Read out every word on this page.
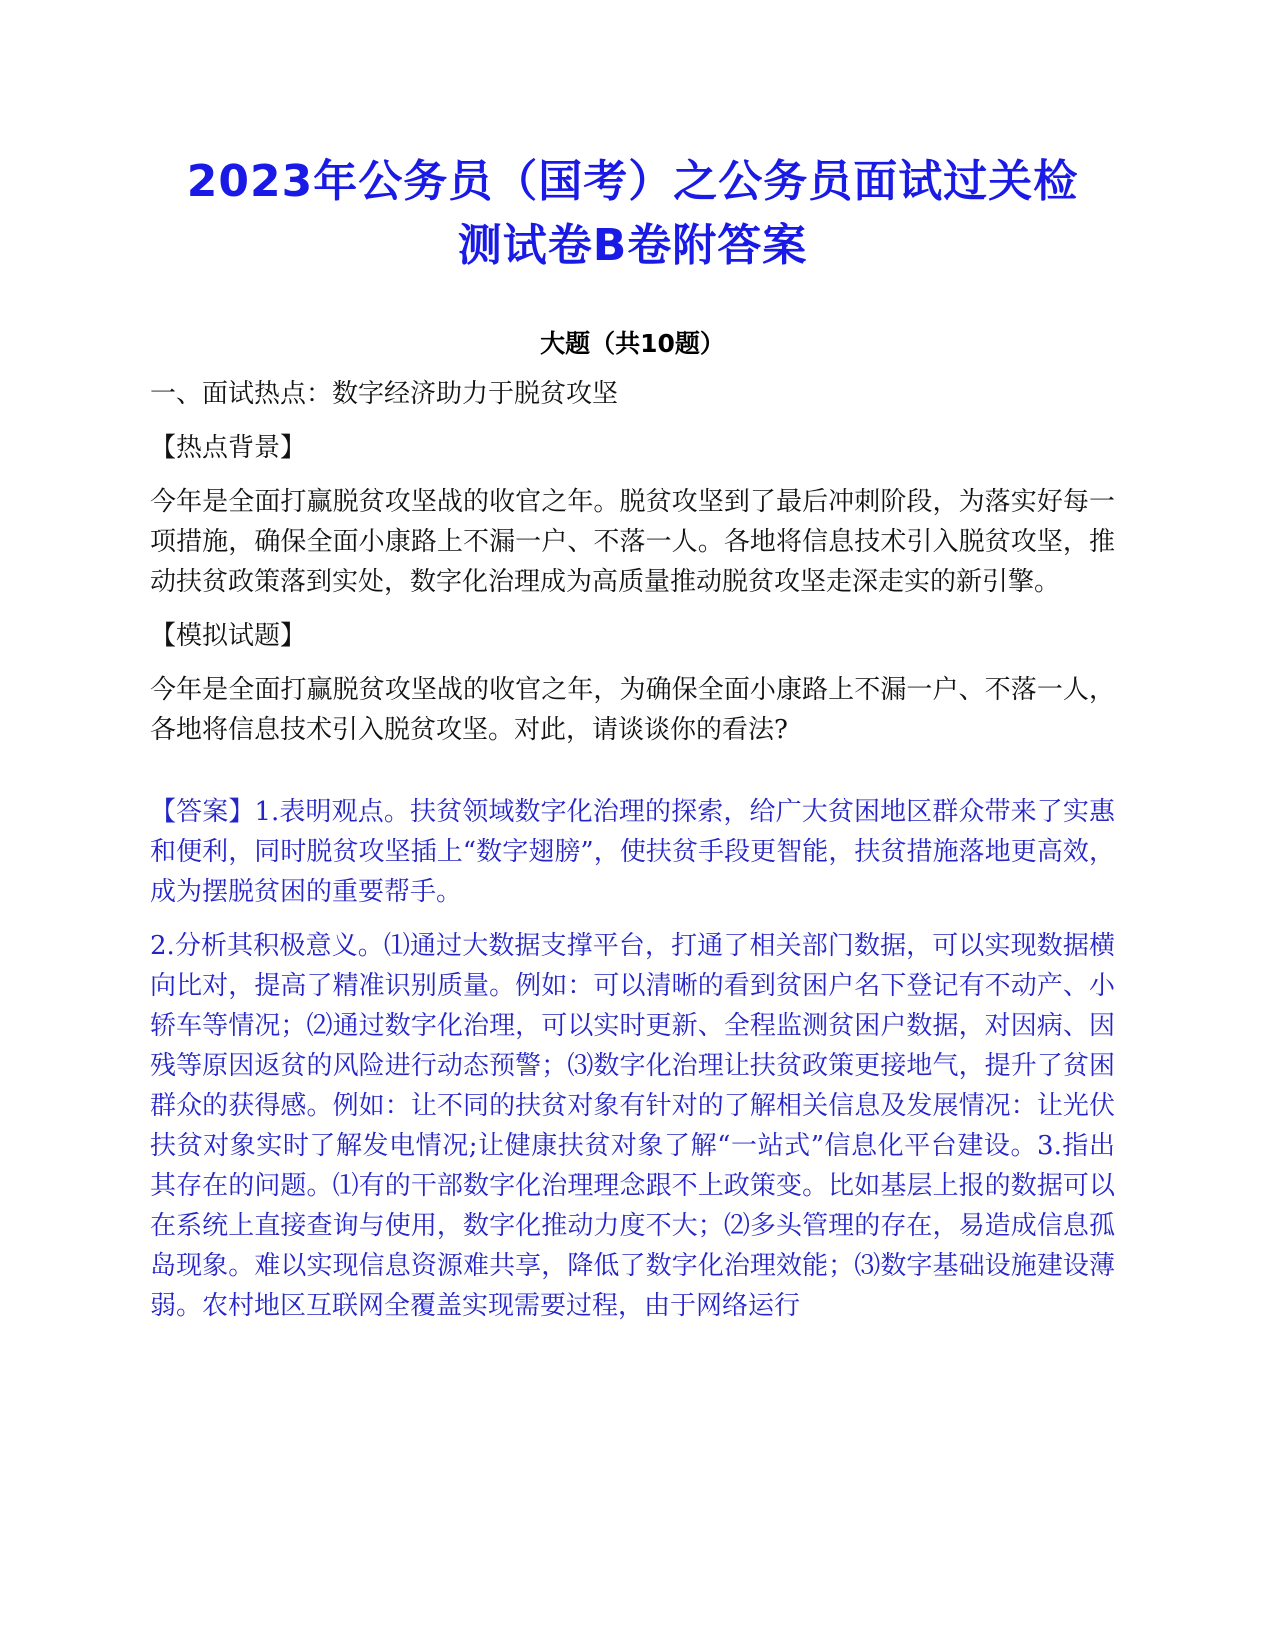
2023年公务员（国考）之公务员面试过关检
测试卷B卷附答案
大题（共10题）

一、面试热点：数字经济助力于脱贫攻坚

【热点背景】

今年是全面打赢脱贫攻坚战的收官之年。脱贫攻坚到了最后冲刺阶段，为落实好每一项措施，确保全面小康路上不漏一户、不落一人。各地将信息技术引入脱贫攻坚，推动扶贫政策落到实处，数字化治理成为高质量推动脱贫攻坚走深走实的新引擎。

【模拟试题】

今年是全面打赢脱贫攻坚战的收官之年，为确保全面小康路上不漏一户、不落一人，各地将信息技术引入脱贫攻坚。对此，请谈谈你的看法?

【答案】1.表明观点。扶贫领域数字化治理的探索，给广大贫困地区群众带来了实惠和便利，同时脱贫攻坚插上“数字翅膀”，使扶贫手段更智能，扶贫措施落地更高效，成为摆脱贫困的重要帮手。

2.分析其积极意义。⑴通过大数据支撑平台，打通了相关部门数据，可以实现数据横向比对，提高了精准识别质量。例如：可以清晰的看到贫困户名下登记有不动产、小轿车等情况；⑵通过数字化治理，可以实时更新、全程监测贫困户数据，对因病、因残等原因返贫的风险进行动态预警；⑶数字化治理让扶贫政策更接地气，提升了贫困群众的获得感。例如：让不同的扶贫对象有针对的了解相关信息及发展情况：让光伏扶贫对象实时了解发电情况;让健康扶贫对象了解“一站式”信息化平台建设。3.指出其存在的问题。⑴有的干部数字化治理理念跟不上政策变。比如基层上报的数据可以在系统上直接查询与使用，数字化推动力度不大；⑵多头管理的存在，易造成信息孤岛现象。难以实现信息资源难共享，降低了数字化治理效能；⑶数字基础设施建设薄弱。农村地区互联网全覆盖实现需要过程，由于网络运行
